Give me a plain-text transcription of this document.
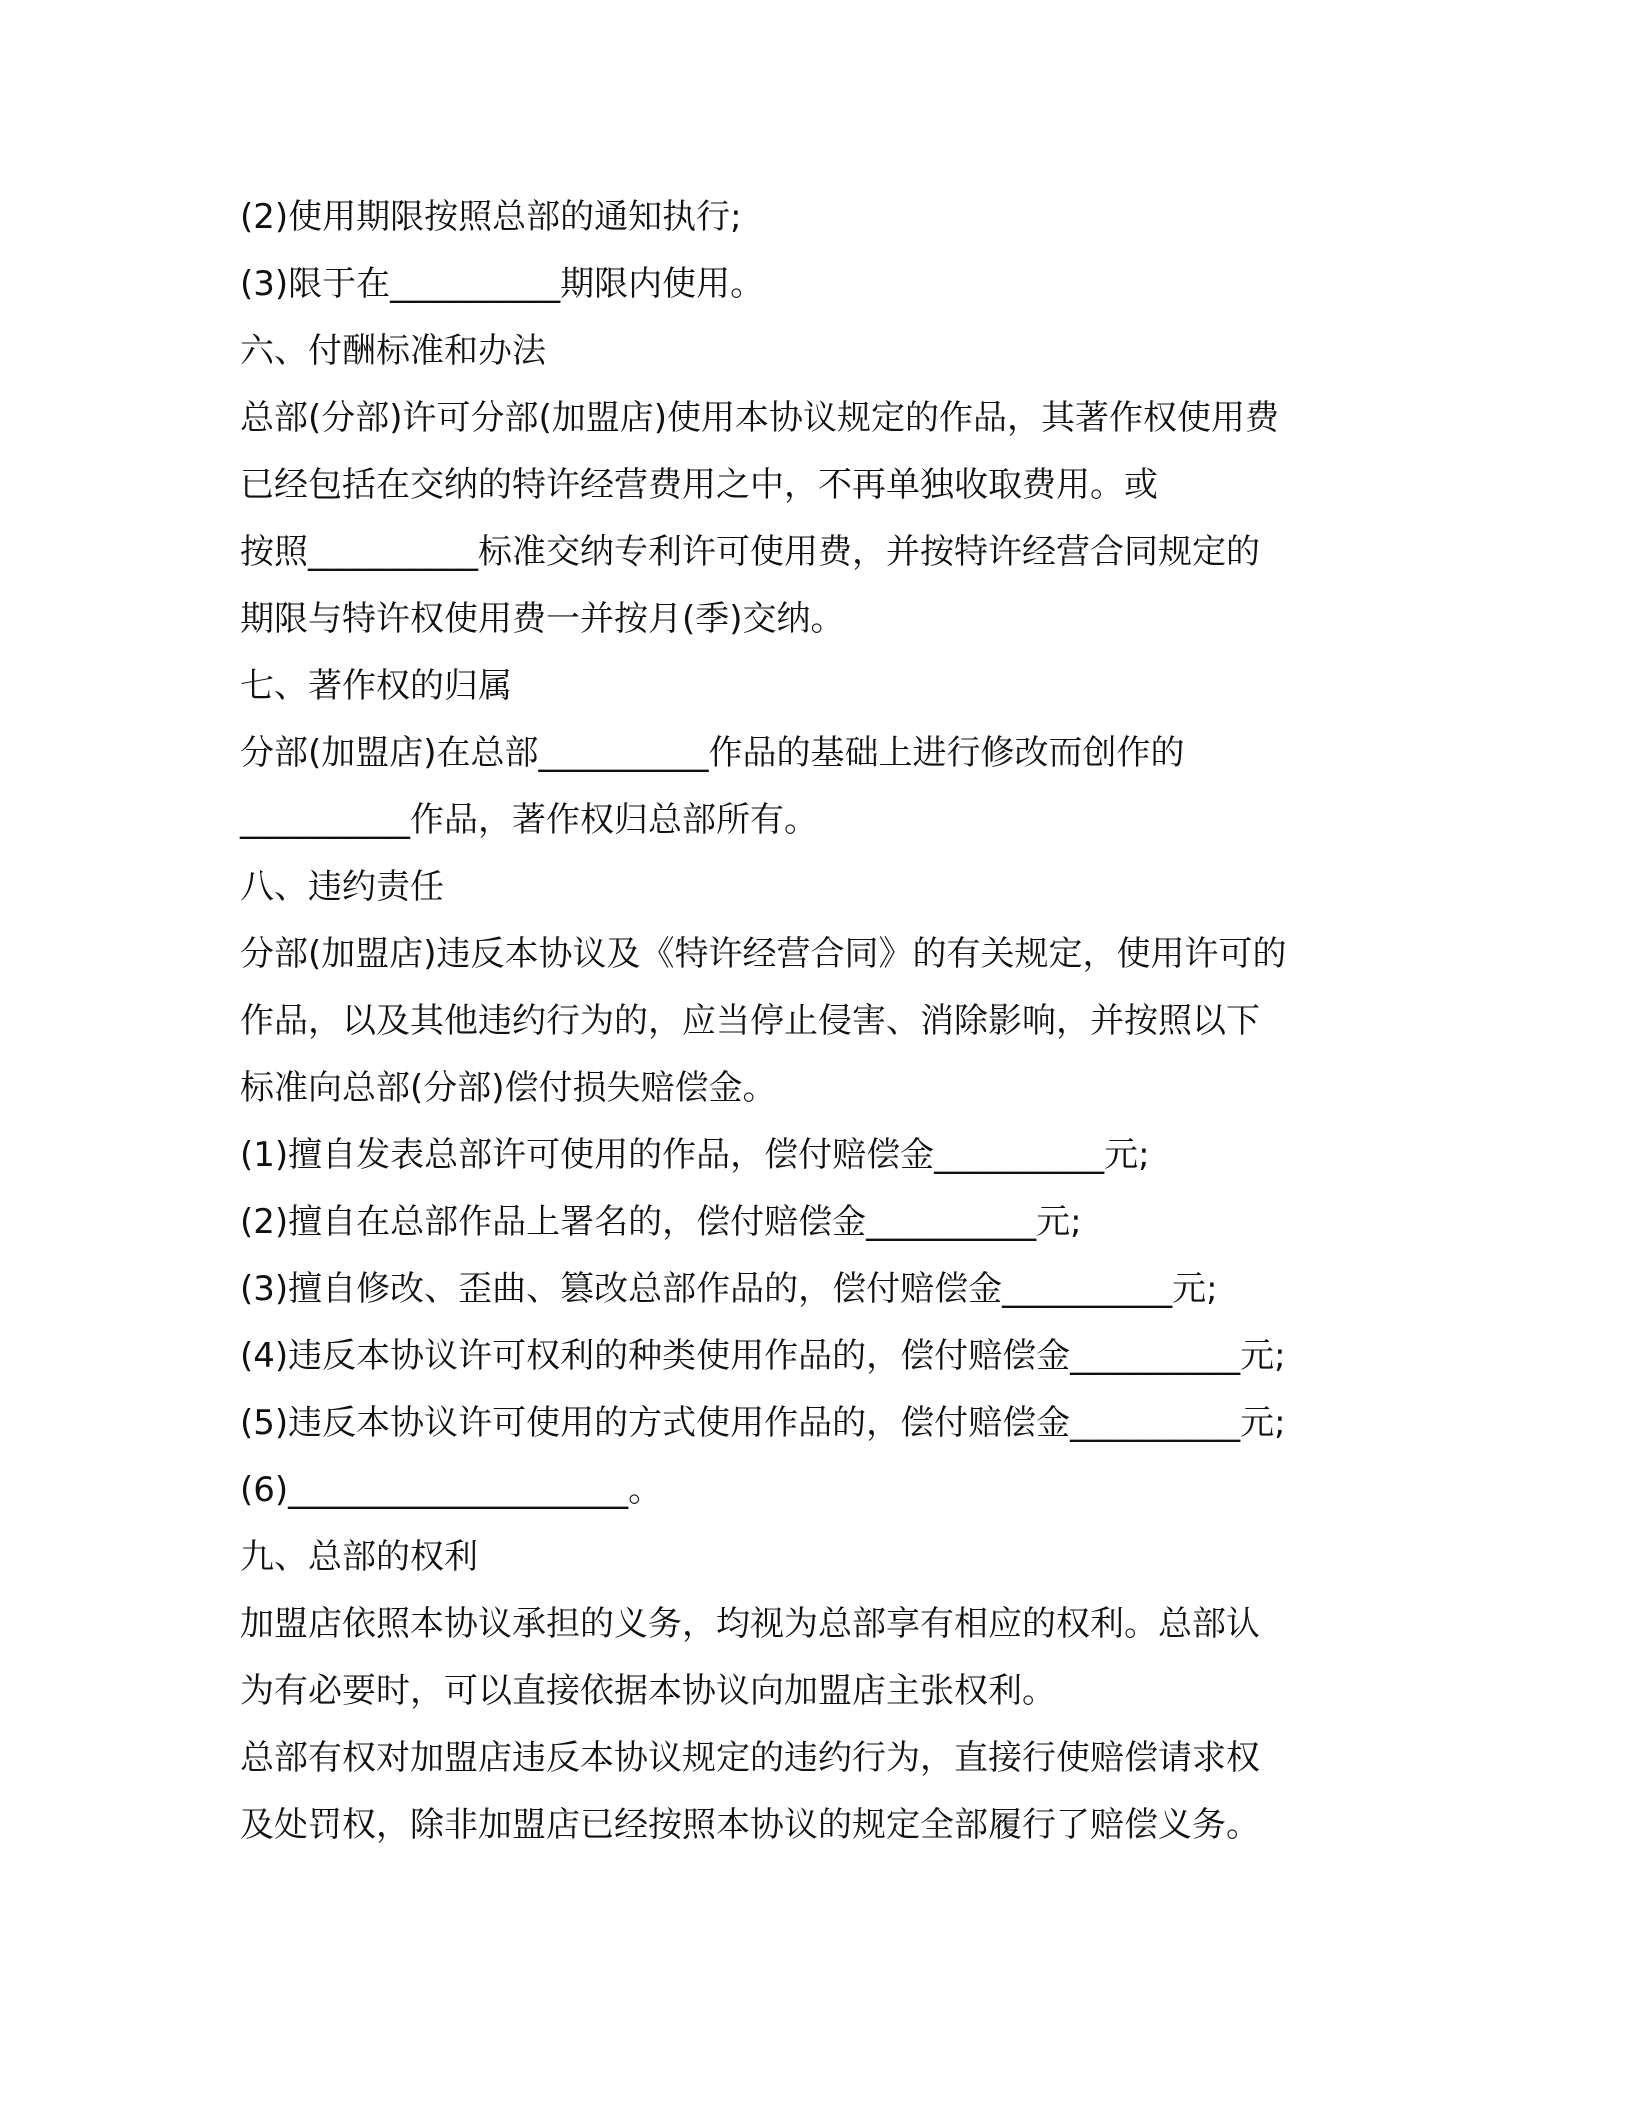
(2)使用期限按照总部的通知执行;

(3)限于在__________期限内使用。

六、付酬标准和办法

总部(分部)许可分部(加盟店)使用本协议规定的作品，其著作权使用费

已经包括在交纳的特许经营费用之中，不再单独收取费用。或

按照__________标准交纳专利许可使用费，并按特许经营合同规定的

期限与特许权使用费一并按月(季)交纳。

七、著作权的归属

分部(加盟店)在总部__________作品的基础上进行修改而创作的

__________作品，著作权归总部所有。

八、违约责任

分部(加盟店)违反本协议及《特许经营合同》的有关规定，使用许可的

作品，以及其他违约行为的，应当停止侵害、消除影响，并按照以下

标准向总部(分部)偿付损失赔偿金。

(1)擅自发表总部许可使用的作品，偿付赔偿金__________元;

(2)擅自在总部作品上署名的，偿付赔偿金__________元;

(3)擅自修改、歪曲、篡改总部作品的，偿付赔偿金__________元;

(4)违反本协议许可权利的种类使用作品的，偿付赔偿金__________元;

(5)违反本协议许可使用的方式使用作品的，偿付赔偿金__________元;

(6)____________________。

九、总部的权利

加盟店依照本协议承担的义务，均视为总部享有相应的权利。总部认

为有必要时，可以直接依据本协议向加盟店主张权利。

总部有权对加盟店违反本协议规定的违约行为，直接行使赔偿请求权

及处罚权，除非加盟店已经按照本协议的规定全部履行了赔偿义务。
